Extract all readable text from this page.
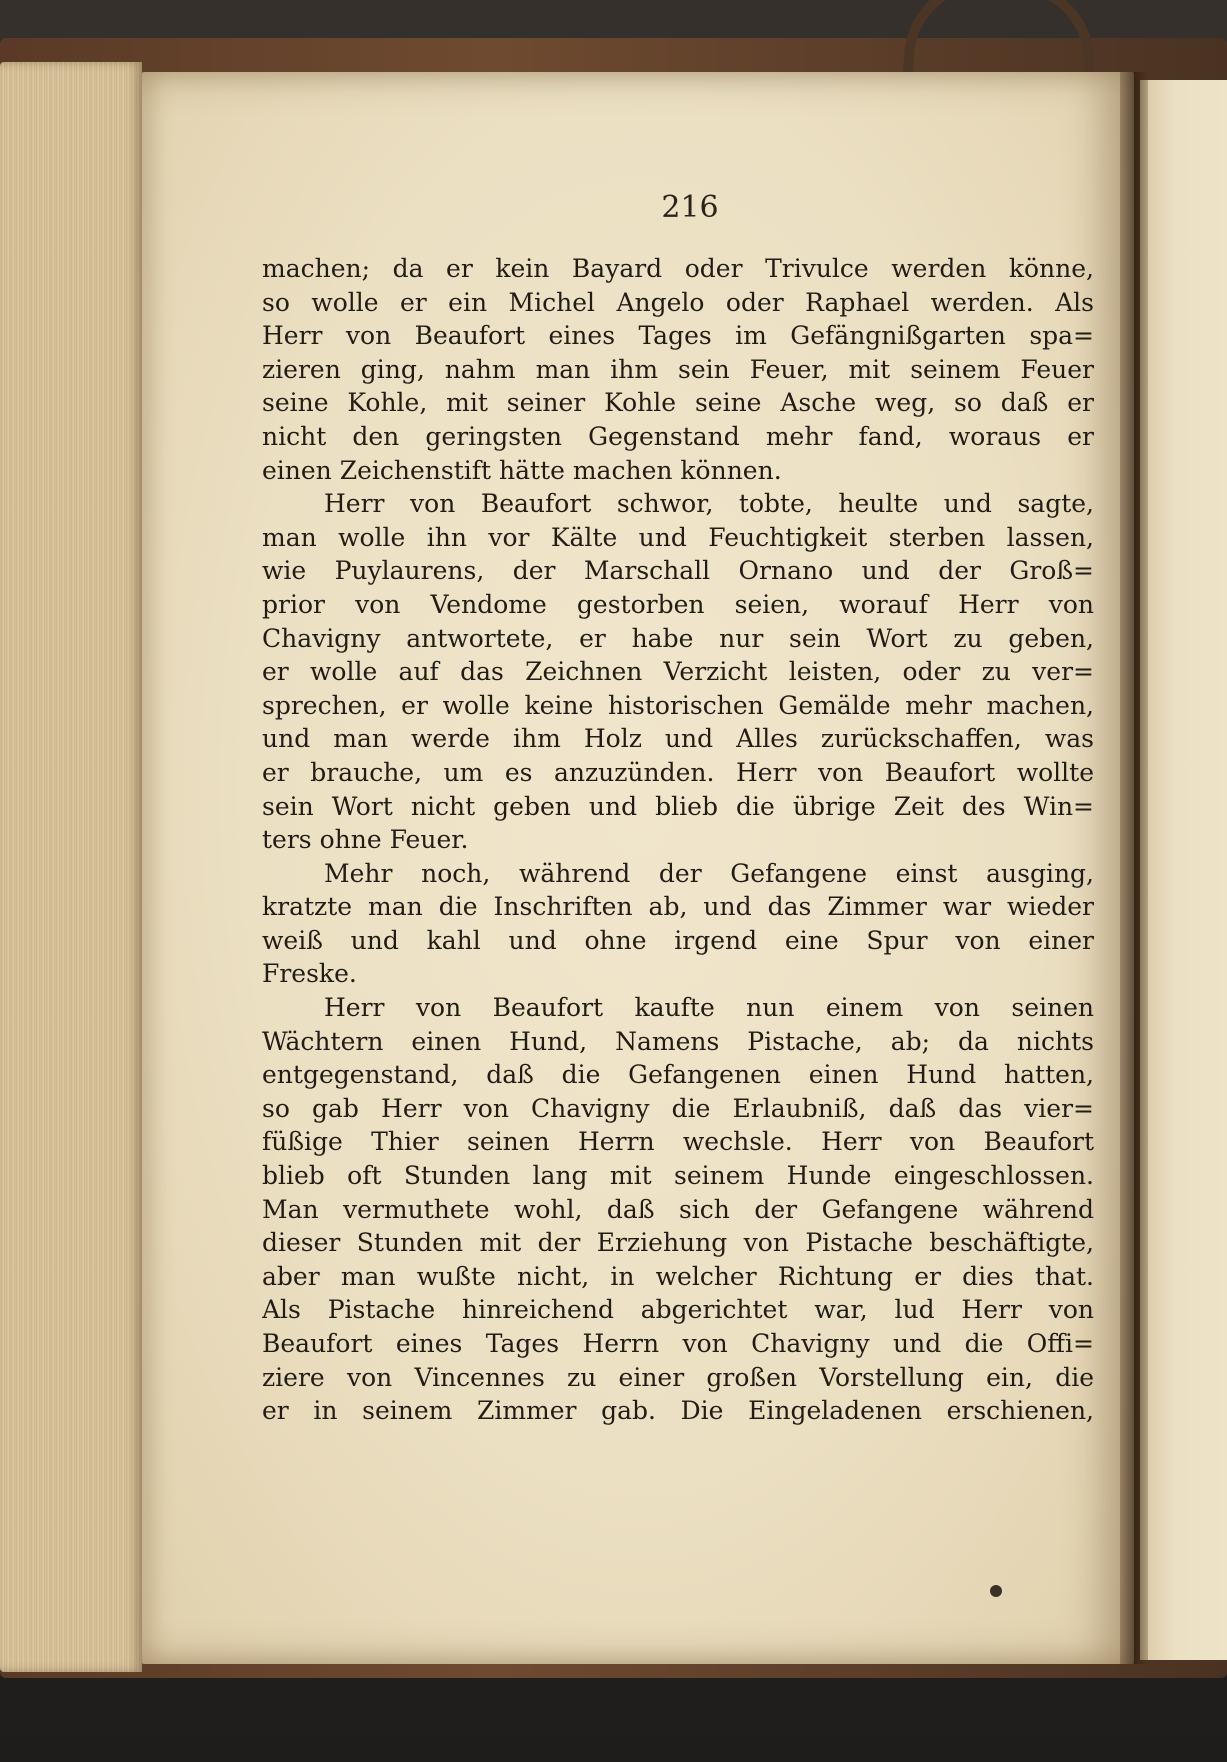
216
machen; da er kein Bayard oder Trivulce werden könne,
so wolle er ein Michel Angelo oder Raphael werden. Als
Herr von Beaufort eines Tages im Gefängnißgarten spa=
zieren ging, nahm man ihm sein Feuer, mit seinem Feuer
seine Kohle, mit seiner Kohle seine Asche weg, so daß er
nicht den geringsten Gegenstand mehr fand, woraus er
einen Zeichenstift hätte machen können.
Herr von Beaufort schwor, tobte, heulte und sagte,
man wolle ihn vor Kälte und Feuchtigkeit sterben lassen,
wie Puylaurens, der Marschall Ornano und der Groß=
prior von Vendome gestorben seien, worauf Herr von
Chavigny antwortete, er habe nur sein Wort zu geben,
er wolle auf das Zeichnen Verzicht leisten, oder zu ver=
sprechen, er wolle keine historischen Gemälde mehr machen,
und man werde ihm Holz und Alles zurückschaffen, was
er brauche, um es anzuzünden. Herr von Beaufort wollte
sein Wort nicht geben und blieb die übrige Zeit des Win=
ters ohne Feuer.
Mehr noch, während der Gefangene einst ausging,
kratzte man die Inschriften ab, und das Zimmer war wieder
weiß und kahl und ohne irgend eine Spur von einer
Freske.
Herr von Beaufort kaufte nun einem von seinen
Wächtern einen Hund, Namens Pistache, ab; da nichts
entgegenstand, daß die Gefangenen einen Hund hatten,
so gab Herr von Chavigny die Erlaubniß, daß das vier=
füßige Thier seinen Herrn wechsle. Herr von Beaufort
blieb oft Stunden lang mit seinem Hunde eingeschlossen.
Man vermuthete wohl, daß sich der Gefangene während
dieser Stunden mit der Erziehung von Pistache beschäftigte,
aber man wußte nicht, in welcher Richtung er dies that.
Als Pistache hinreichend abgerichtet war, lud Herr von
Beaufort eines Tages Herrn von Chavigny und die Offi=
ziere von Vincennes zu einer großen Vorstellung ein, die
er in seinem Zimmer gab. Die Eingeladenen erschienen,
